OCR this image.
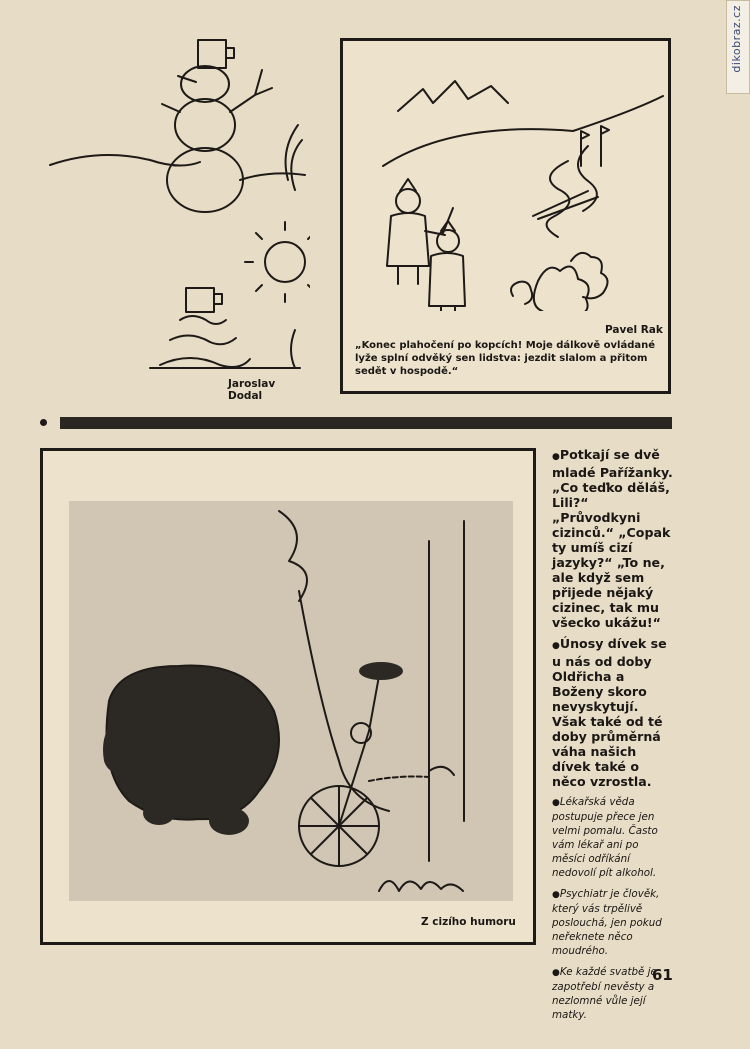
dikobraz.cz
Jaroslav Dodal
Pavel Rak
„Konec plahočení po kopcích! Moje dálkově ovládané lyže splní odvěký sen lidstva: jezdit slalom a přitom sedět v hospodě.“
Z cizího humoru

● Potkají se dvě mladé Pařížanky. „Co teďko děláš, Lili?“ „Průvodkyni cizinců.“ „Copak ty umíš cizí jazyky?“ „To ne, ale když sem přijede nějaký cizinec, tak mu všecko ukážu!“

● Únosy dívek se u nás od doby Oldřicha a Boženy skoro nevyskytují. Však také od té doby průměrná váha našich dívek také o něco vzrostla.

● Lékařská věda postupuje přece jen velmi pomalu. Často vám lékař ani po měsíci odříkání nedovolí pít alkohol.

● Psychiatr je člověk, který vás trpělivě poslouchá, jen pokud neřeknete něco moudrého.

● Ke každé svatbě je zapotřebí nevěsty a nezlomné vůle její matky.

61
